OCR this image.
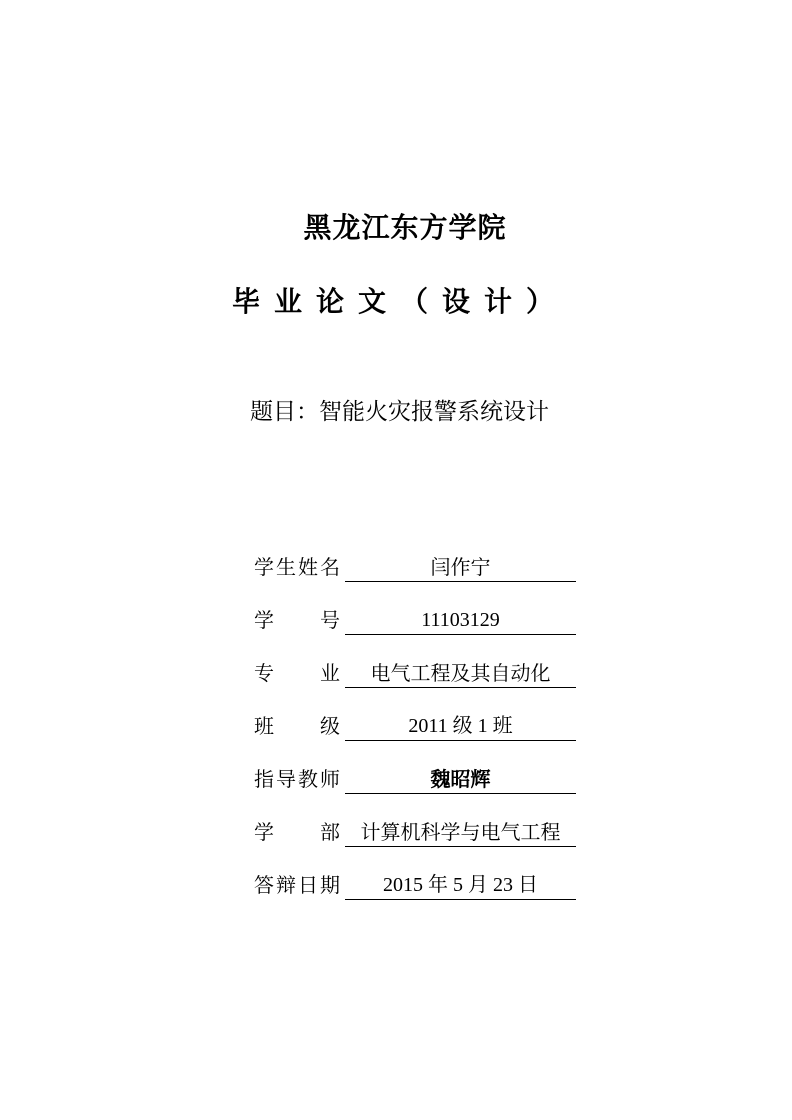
黑龙江东方学院
毕业论文（设计）
题目：智能火灾报警系统设计
学生姓名	闫作宁
学号	11103129
专业	电气工程及其自动化
班级	2011 级 1 班
指导教师	魏昭辉
学部	计算机科学与电气工程
答辩日期	2015 年 5 月 23 日
